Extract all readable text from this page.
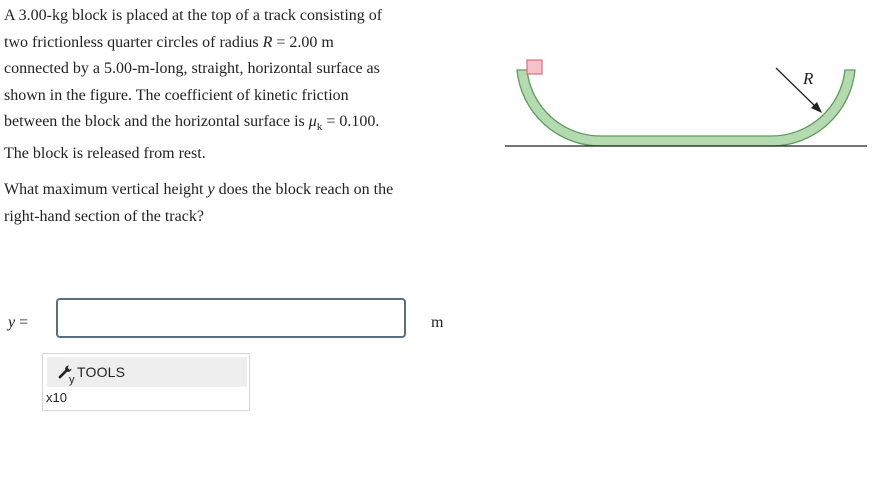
A 3.00-kg block is placed at the top of a track consisting of
two frictionless quarter circles of radius R = 2.00 m
connected by a 5.00-m-long, straight, horizontal surface as
shown in the figure. The coefficient of kinetic friction
between the block and the horizontal surface is $\mu_k = 0.100$.
The block is released from rest.

What maximum vertical height y does the block reach on the
right-hand section of the track?

R
y =	m
y TOOLS
x10
